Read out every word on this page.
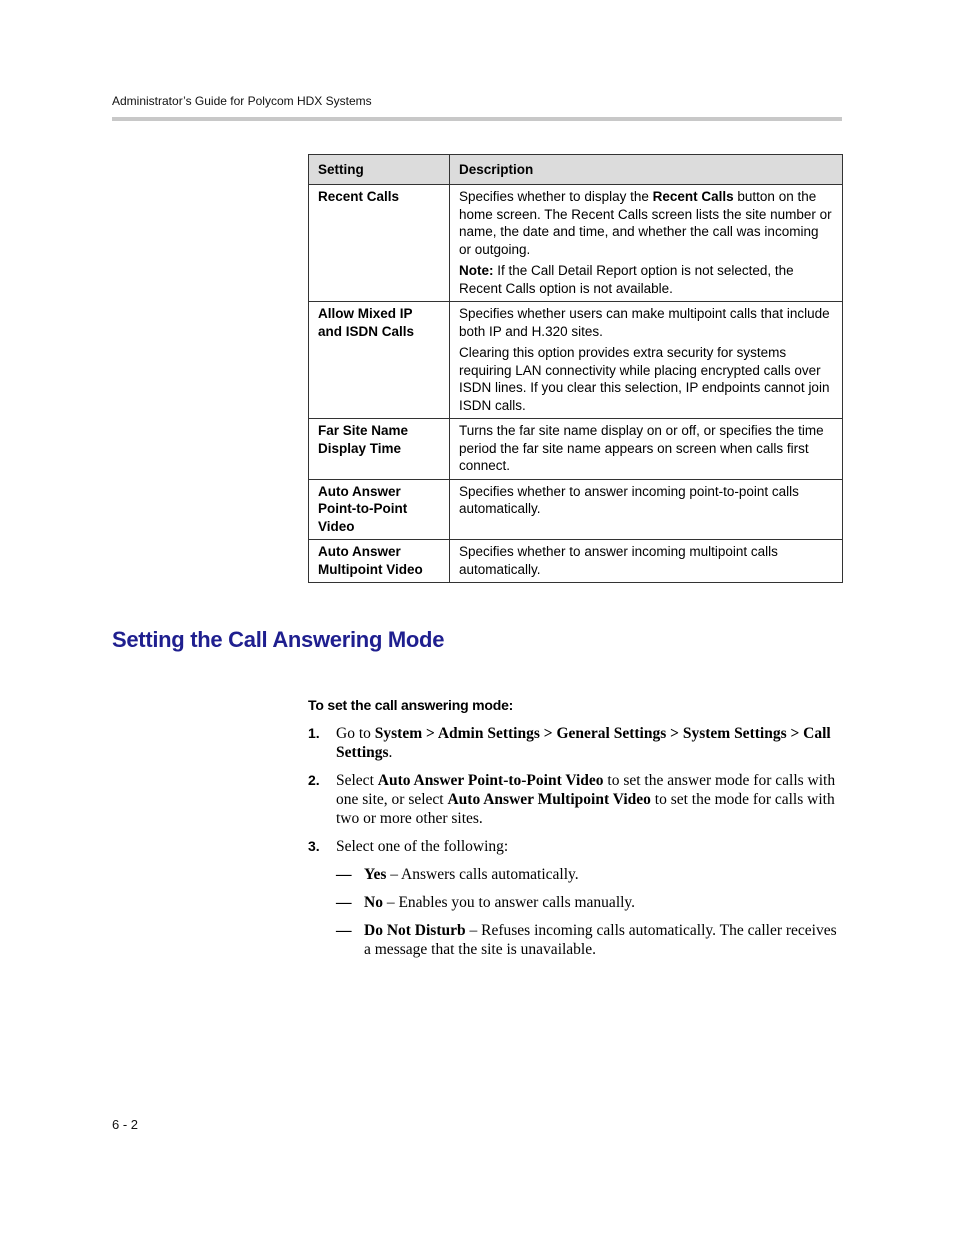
Administrator’s Guide for Polycom HDX Systems
Setting	Description
Recent Calls	Specifies whether to display the Recent Calls button on the home screen. The Recent Calls screen lists the site number or name, the date and time, and whether the call was incoming or outgoing.

Note: If the Call Detail Report option is not selected, the Recent Calls option is not available.

Allow Mixed IP and ISDN Calls	Specifies whether users can make multipoint calls that include both IP and H.320 sites.

Clearing this option provides extra security for systems requiring LAN connectivity while placing encrypted calls over ISDN lines. If you clear this selection, IP endpoints cannot join ISDN calls.

Far Site Name Display Time	Turns the far site name display on or off, or specifies the time period the far site name appears on screen when calls first connect.

Auto Answer Point-to-Point Video	Specifies whether to answer incoming point-to-point calls automatically.

Auto Answer Multipoint Video	Specifies whether to answer incoming multipoint calls automatically.

Setting the Call Answering Mode

To set the call answering mode:

1. Go to System > Admin Settings > General Settings > System Settings > Call Settings.
2. Select Auto Answer Point-to-Point Video to set the answer mode for calls with one site, or select Auto Answer Multipoint Video to set the mode for calls with two or more other sites.
3. Select one of the following:
— Yes – Answers calls automatically.
— No – Enables you to answer calls manually.
— Do Not Disturb – Refuses incoming calls automatically. The caller receives a message that the site is unavailable.
6 - 2
